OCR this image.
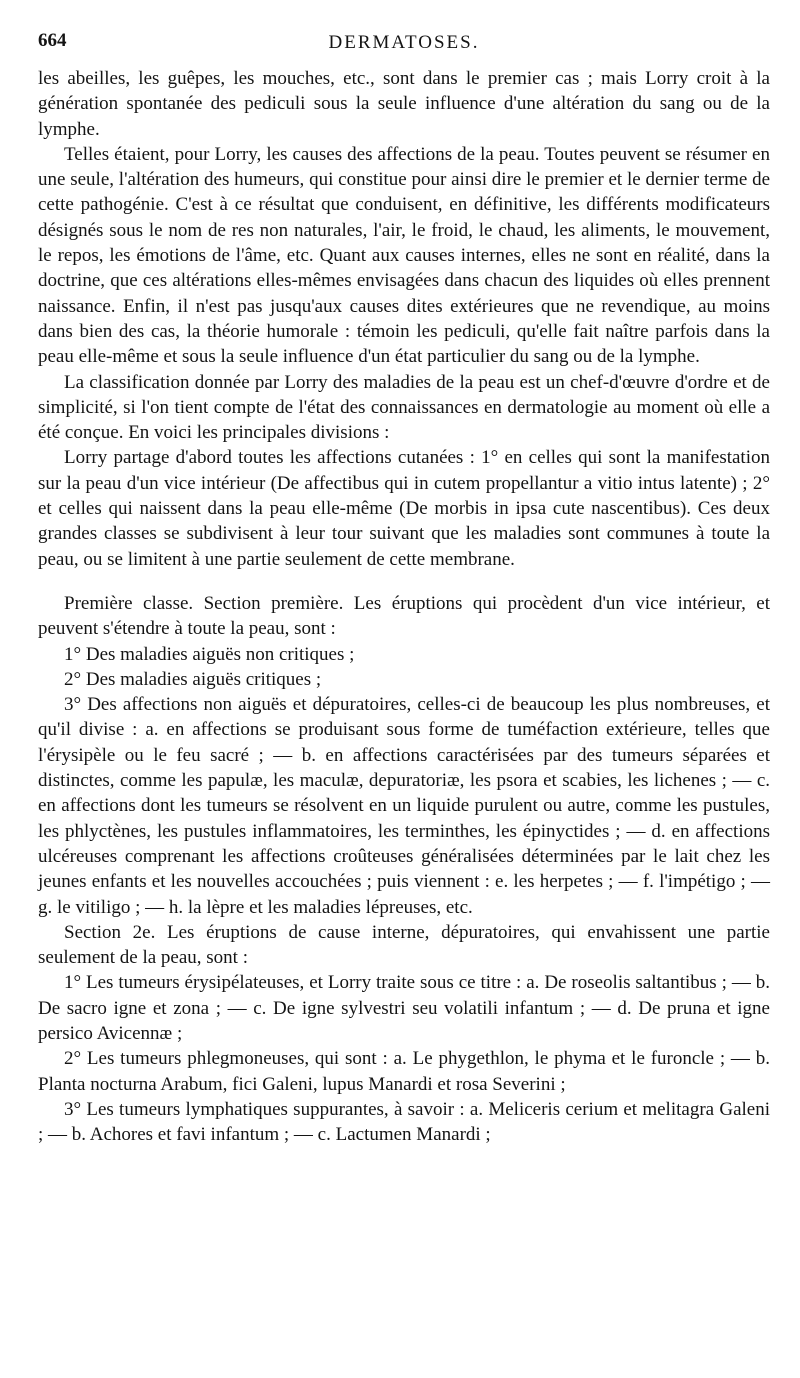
664	DERMATOSES.

les abeilles, les guêpes, les mouches, etc., sont dans le premier cas ; mais Lorry croit à la génération spontanée des pediculi sous la seule influence d'une altération du sang ou de la lymphe.

Telles étaient, pour Lorry, les causes des affections de la peau. Toutes peuvent se résumer en une seule, l'altération des humeurs, qui constitue pour ainsi dire le premier et le dernier terme de cette pathogénie. C'est à ce résultat que conduisent, en définitive, les différents modificateurs désignés sous le nom de res non naturales, l'air, le froid, le chaud, les aliments, le mouvement, le repos, les émotions de l'âme, etc. Quant aux causes internes, elles ne sont en réalité, dans la doctrine, que ces altérations elles-mêmes envisagées dans chacun des liquides où elles prennent naissance. Enfin, il n'est pas jusqu'aux causes dites extérieures que ne revendique, au moins dans bien des cas, la théorie humorale : témoin les pediculi, qu'elle fait naître parfois dans la peau elle-même et sous la seule influence d'un état particulier du sang ou de la lymphe.

La classification donnée par Lorry des maladies de la peau est un chef-d'œuvre d'ordre et de simplicité, si l'on tient compte de l'état des connaissances en dermatologie au moment où elle a été conçue. En voici les principales divisions :

Lorry partage d'abord toutes les affections cutanées : 1° en celles qui sont la manifestation sur la peau d'un vice intérieur (De affectibus qui in cutem propellantur a vitio intus latente) ; 2° et celles qui naissent dans la peau elle-même (De morbis in ipsa cute nascentibus). Ces deux grandes classes se subdivisent à leur tour suivant que les maladies sont communes à toute la peau, ou se limitent à une partie seulement de cette membrane.

Première classe. Section première. Les éruptions qui procèdent d'un vice intérieur, et peuvent s'étendre à toute la peau, sont :

1° Des maladies aiguës non critiques ;

2° Des maladies aiguës critiques ;

3° Des affections non aiguës et dépuratoires, celles-ci de beaucoup les plus nombreuses, et qu'il divise : a. en affections se produisant sous forme de tuméfaction extérieure, telles que l'érysipèle ou le feu sacré ; — b. en affections caractérisées par des tumeurs séparées et distinctes, comme les papulæ, les maculæ, depuratoriæ, les psora et scabies, les lichenes ; — c. en affections dont les tumeurs se résolvent en un liquide purulent ou autre, comme les pustules, les phlyctènes, les pustules inflammatoires, les terminthes, les épinyctides ; — d. en affections ulcéreuses comprenant les affections croûteuses généralisées déterminées par le lait chez les jeunes enfants et les nouvelles accouchées ; puis viennent : e. les herpetes ; — f. l'impétigo ; — g. le vitiligo ; — h. la lèpre et les maladies lépreuses, etc.

Section 2e. Les éruptions de cause interne, dépuratoires, qui envahissent une partie seulement de la peau, sont :

1° Les tumeurs érysipélateuses, et Lorry traite sous ce titre : a. De roseolis saltantibus ; — b. De sacro igne et zona ; — c. De igne sylvestri seu volatili infantum ; — d. De pruna et igne persico Avicennæ ;

2° Les tumeurs phlegmoneuses, qui sont : a. Le phygethlon, le phyma et le furoncle ; — b. Planta nocturna Arabum, fici Galeni, lupus Manardi et rosa Severini ;

3° Les tumeurs lymphatiques suppurantes, à savoir : a. Meliceris cerium et melitagra Galeni ; — b. Achores et favi infantum ; — c. Lactumen Manardi ;
